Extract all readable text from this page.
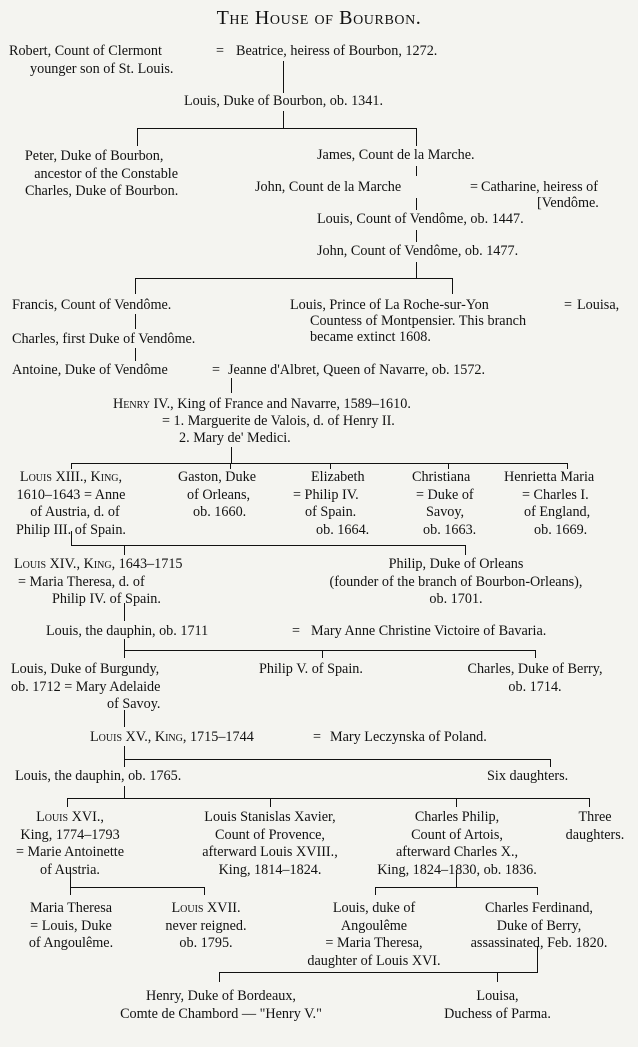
The House of Bourbon.
Robert, Count of Clermont
younger son of St. Louis.
= Beatrice, heiress of Bourbon, 1272.
Louis, Duke of Bourbon, ob. 1341.
Peter, Duke of Bourbon,
ancestor of the Constable
Charles, Duke of Bourbon.
James, Count de la Marche.
John, Count de la Marche	= Catharine, heiress of
[Vendôme.
Louis, Count of Vendôme, ob. 1447.
John, Count of Vendôme, ob. 1477.
Francis, Count of Vendôme.	Louis, Prince of La Roche-sur-Yon	= Louisa,
Countess of Montpensier. This branch
became extinct 1608.
Charles, first Duke of Vendôme.
Antoine, Duke of Vendôme	= Jeanne d'Albret, Queen of Navarre, ob. 1572.
Henry IV., King of France and Navarre, 1589–1610.
= 1. Marguerite de Valois, d. of Henry II.
2. Mary de' Medici.
Louis XIII., King,
1610–1643 = Anne
of Austria, d. of
Philip III. of Spain.
Gaston, Duke
of Orleans,
ob. 1660.
Elizabeth
= Philip IV.
of Spain.
ob. 1664.
Christiana
= Duke of
Savoy,
ob. 1663.
Henrietta Maria
= Charles I.
of England,
ob. 1669.
Louis XIV., King, 1643–1715
= Maria Theresa, d. of
Philip IV. of Spain.
Philip, Duke of Orleans
(founder of the branch of Bourbon-Orleans),
ob. 1701.
Louis, the dauphin, ob. 1711	= Mary Anne Christine Victoire of Bavaria.
Louis, Duke of Burgundy,
ob. 1712 = Mary Adelaide
of Savoy.
Philip V. of Spain.	Charles, Duke of Berry,
ob. 1714.
Louis XV., King, 1715–1744	= Mary Leczynska of Poland.
Louis, the dauphin, ob. 1765.	Six daughters.
Louis XVI.,
King, 1774–1793
= Marie Antoinette
of Austria.
Louis Stanislas Xavier,
Count of Provence,
afterward Louis XVIII.,
King, 1814–1824.
Charles Philip,
Count of Artois,
afterward Charles X.,
King, 1824–1830, ob. 1836.
Three
daughters.
Maria Theresa
= Louis, Duke
of Angoulême.
Louis XVII.
never reigned.
ob. 1795.
Louis, duke of
Angoulême
= Maria Theresa,
daughter of Louis XVI.
Charles Ferdinand,
Duke of Berry,
assassinated, Feb. 1820.
Henry, Duke of Bordeaux,
Comte de Chambord — "Henry V."
Louisa,
Duchess of Parma.
